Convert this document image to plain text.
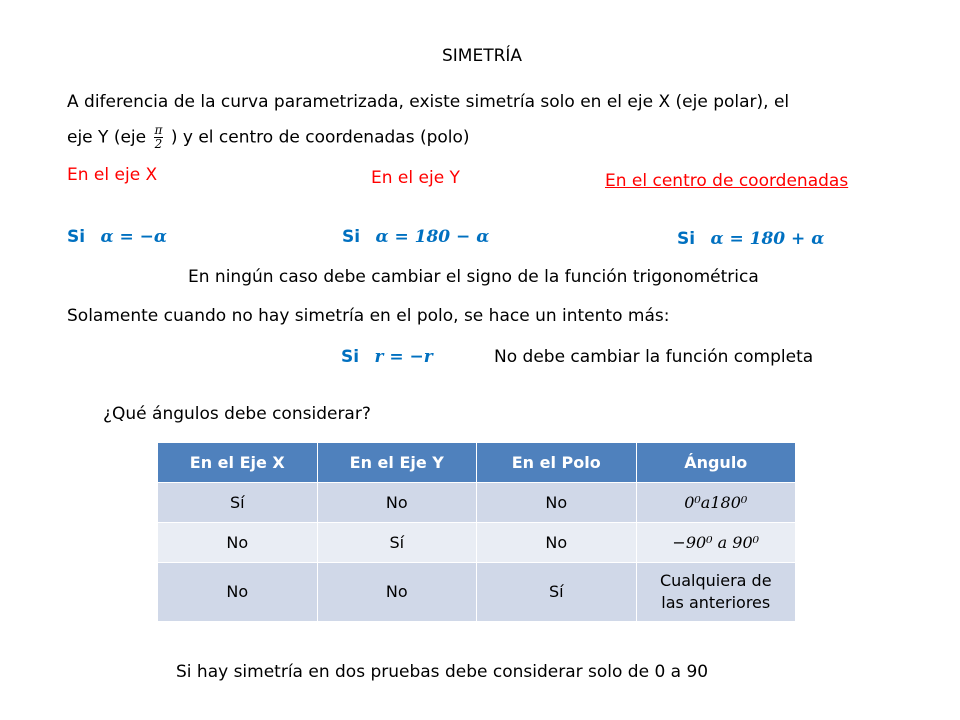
SIMETRÍA
A diferencia de la curva parametrizada, existe simetría solo en el eje X (eje polar), el
eje Y ($eje \frac{\pi}{2}$ ) y el centro de coordenadas (polo)
En el eje X	En el eje Y	En el centro de coordenadas
Si α = −α	Si α = 180 − α	Si α = 180 + α
En ningún caso debe cambiar el signo de la función trigonométrica
Solamente cuando no hay simetría en el polo, se hace un intento más:
Si r = −r	No debe cambiar la función completa
¿Qué ángulos debe considerar?
En el Eje X	En el Eje Y	En el Polo	Ángulo
Sí	No	No	0⁰a180⁰
No	Sí	No	−90⁰ a 90⁰
No	No	Sí	Cualquiera de
las anteriores
Si hay simetría en dos pruebas debe considerar solo de 0 a 90
